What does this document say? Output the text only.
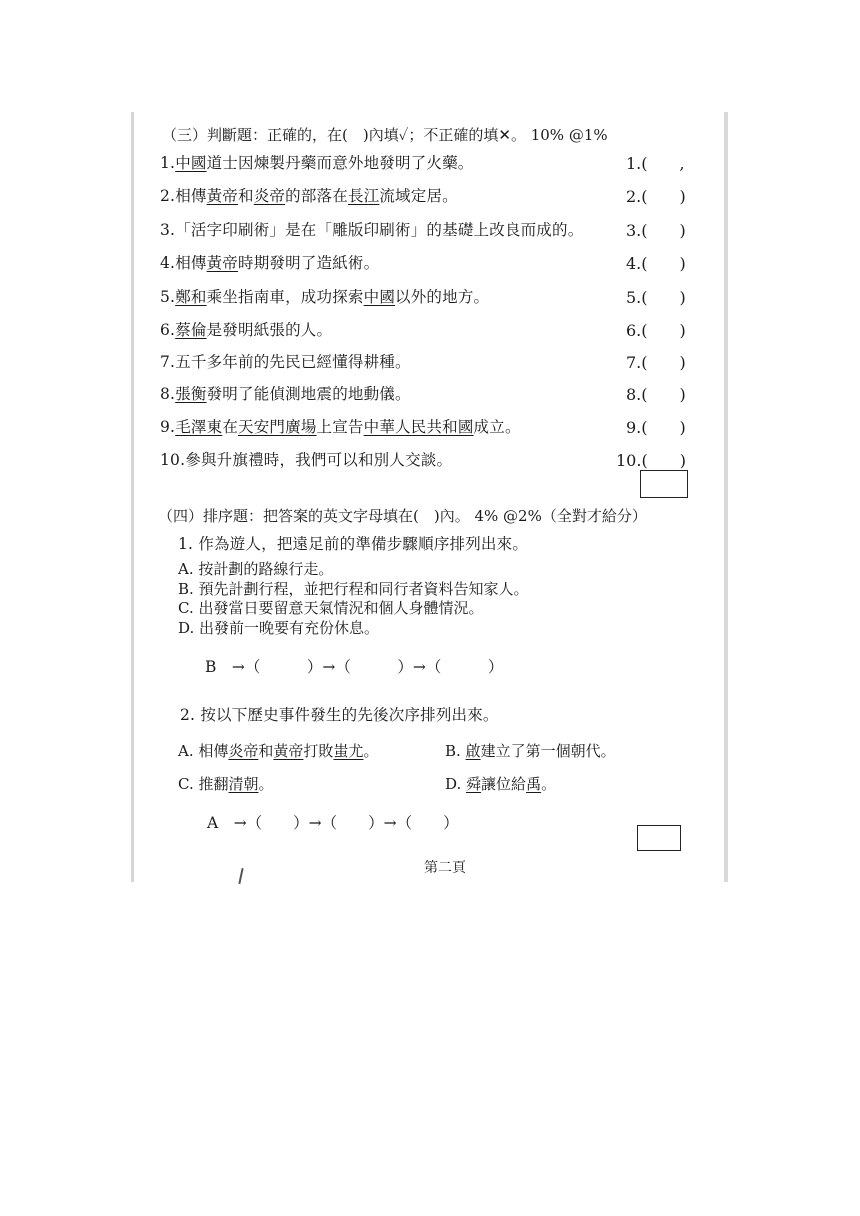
（三）判斷題：正確的，在(　)內填✓；不正確的填✕。 10% @1%
1.中國道士因煉製丹藥而意外地發明了火藥。	1.(　　,
2.相傳黃帝和炎帝的部落在長江流域定居。	2.(　　)
3.「活字印刷術」是在「雕版印刷術」的基礎上改良而成的。	3.(　　)
4.相傳黃帝時期發明了造紙術。	4.(　　)
5.鄭和乘坐指南車，成功探索中國以外的地方。	5.(　　)
6.蔡倫是發明紙張的人。	6.(　　)
7.五千多年前的先民已經懂得耕種。	7.(　　)
8.張衡發明了能偵測地震的地動儀。	8.(　　)
9.毛澤東在天安門廣場上宣告中華人民共和國成立。	9.(　　)
10.參與升旗禮時，我們可以和別人交談。	10.(　　)
（四）排序題：把答案的英文字母填在(　)內。 4% @2%（全對才給分）
1. 作為遊人，把遠足前的準備步驟順序排列出來。
A. 按計劃的路線行走。
B. 預先計劃行程，並把行程和同行者資料告知家人。
C. 出發當日要留意天氣情況和個人身體情況。
D. 出發前一晚要有充份休息。
B　→（　　　）→（　　　）→（　　　）
2. 按以下歷史事件發生的先後次序排列出來。
A. 相傳炎帝和黃帝打敗蚩尤。	B. 啟建立了第一個朝代。
C. 推翻清朝。	D. 舜讓位給禹。
A　→（　　）→（　　）→（　　）
第二頁
